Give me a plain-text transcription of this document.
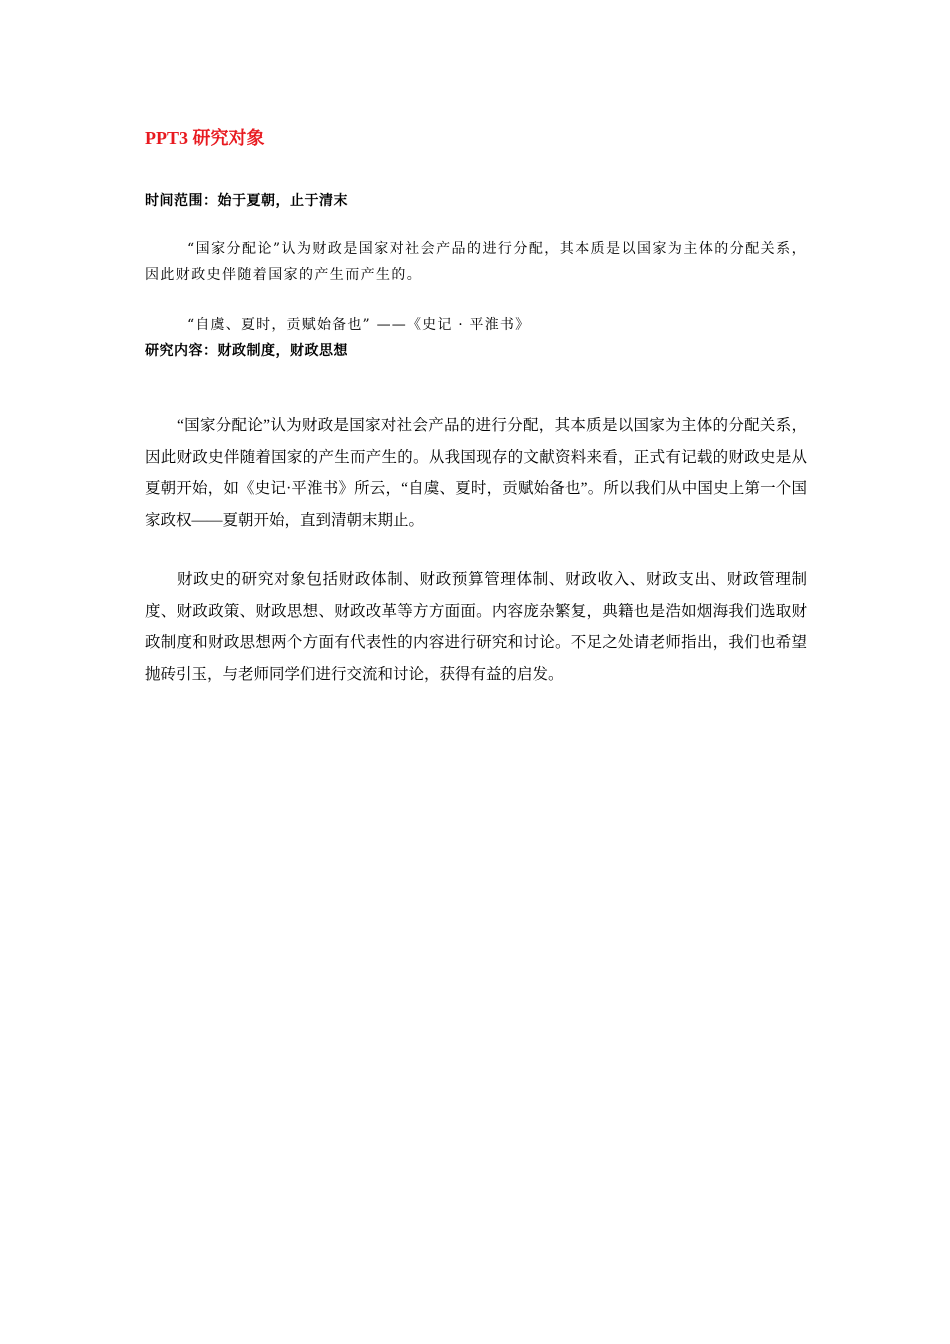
PPT3 研究对象
时间范围：始于夏朝，止于清末
“国家分配论”认为财政是国家对社会产品的进行分配，其本质是以国家为主体的分配关系，因此财政史伴随着国家的产生而产生的。
“自虞、夏时，贡赋始备也” ——《史记 · 平淮书》
研究内容：财政制度，财政思想
“国家分配论”认为财政是国家对社会产品的进行分配，其本质是以国家为主体的分配关系，因此财政史伴随着国家的产生而产生的。从我国现存的文献资料来看，正式有记载的财政史是从夏朝开始，如《史记·平淮书》所云，“自虞、夏时，贡赋始备也”。所以我们从中国史上第一个国家政权——夏朝开始，直到清朝末期止。
财政史的研究对象包括财政体制、财政预算管理体制、财政收入、财政支出、财政管理制度、财政政策、财政思想、财政改革等方方面面。内容庞杂繁复，典籍也是浩如烟海我们选取财政制度和财政思想两个方面有代表性的内容进行研究和讨论。不足之处请老师指出，我们也希望抛砖引玉，与老师同学们进行交流和讨论，获得有益的启发。
